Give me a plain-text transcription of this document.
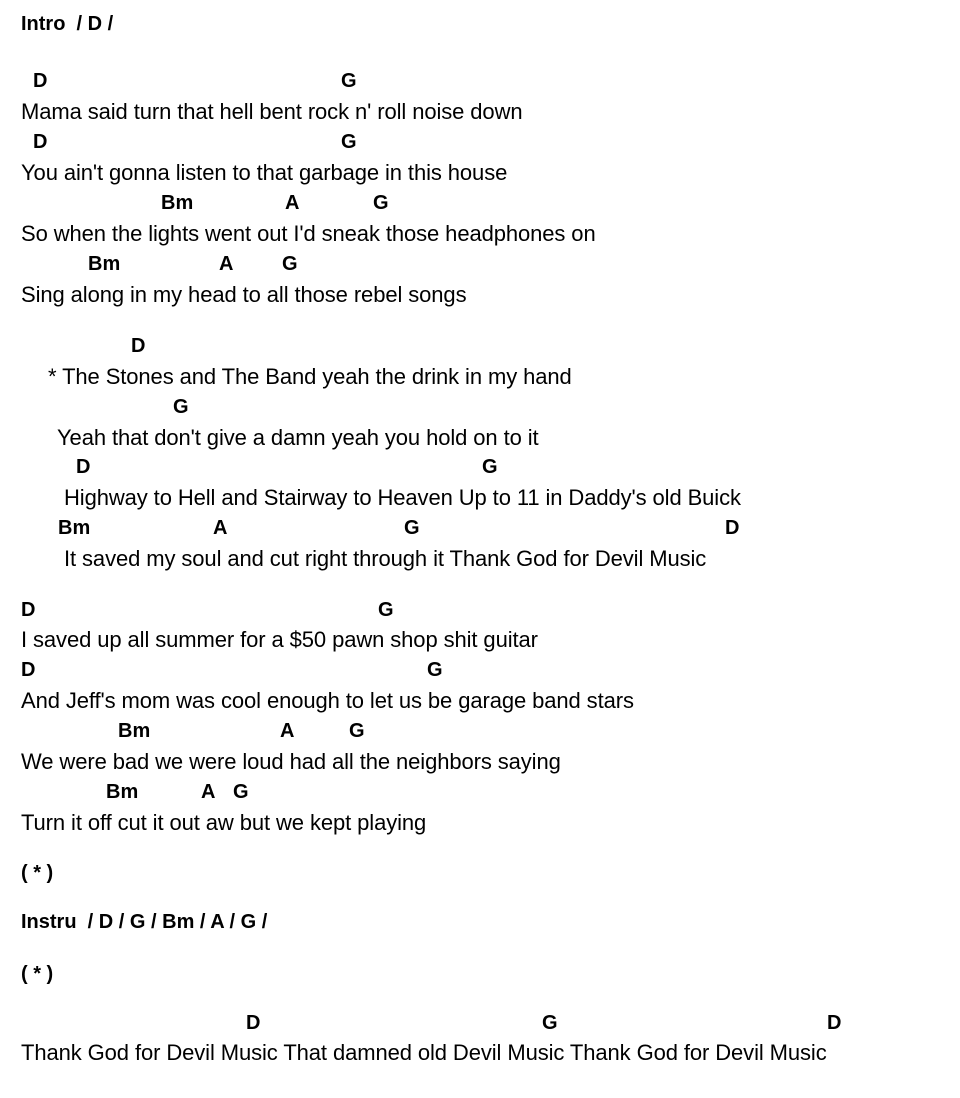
Intro  / D /
D	G
Mama said turn that hell bent rock n' roll noise down
D	G
You ain't gonna listen to that garbage in this house
Bm	A	G
So when the lights went out I'd sneak those headphones on
Bm	A G
Sing along in my head to all those rebel songs
D
* The Stones and The Band yeah the drink in my hand
G
Yeah that don't give a damn yeah you hold on to it
D	G
Highway to Hell and Stairway to Heaven Up to 11 in Daddy's old Buick
Bm	A	G	D
It saved my soul and cut right through it Thank God for Devil Music
D	G
I saved up all summer for a $50 pawn shop shit guitar
D	G
And Jeff's mom was cool enough to let us be garage band stars
Bm	A	G
We were bad we were loud had all the neighbors saying
Bm	A G
Turn it off cut it out aw but we kept playing
( * )
Instru  / D / G / Bm / A / G /
( * )
D	G	D
Thank God for Devil Music That damned old Devil Music Thank God for Devil Music
